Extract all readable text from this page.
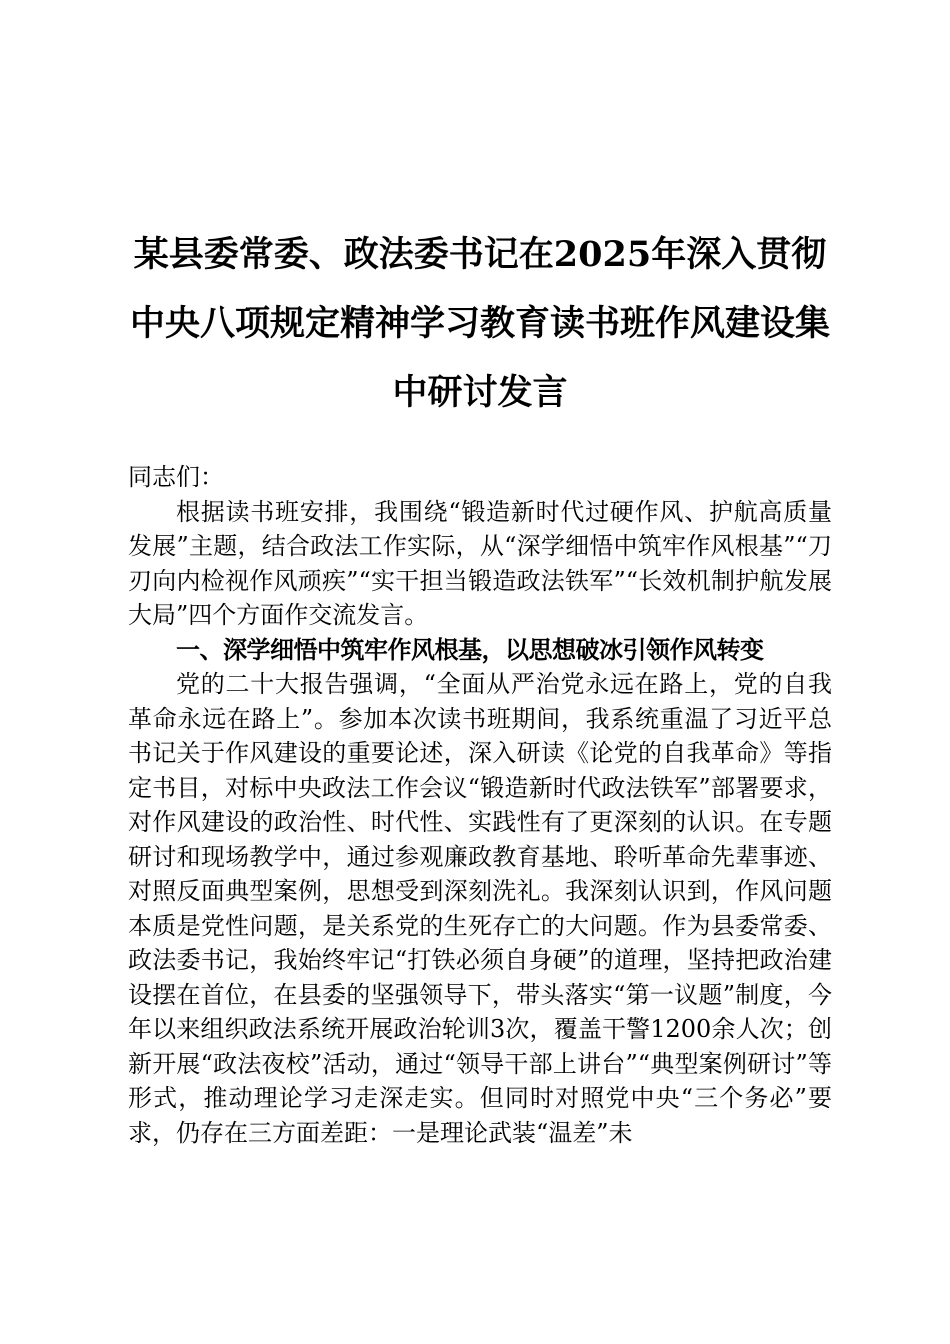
某县委常委、政法委书记在2025年深入贯彻
中央八项规定精神学习教育读书班作风建设集
中研讨发言

同志们：

根据读书班安排，我围绕“锻造新时代过硬作风、护航高质量发展”主题，结合政法工作实际，从“深学细悟中筑牢作风根基”“刀刃向内检视作风顽疾”“实干担当锻造政法铁军”“长效机制护航发展大局”四个方面作交流发言。

一、深学细悟中筑牢作风根基，以思想破冰引领作风转变

党的二十大报告强调，“全面从严治党永远在路上，党的自我革命永远在路上”。参加本次读书班期间，我系统重温了习近平总书记关于作风建设的重要论述，深入研读《论党的自我革命》等指定书目，对标中央政法工作会议“锻造新时代政法铁军”部署要求，对作风建设的政治性、时代性、实践性有了更深刻的认识。在专题研讨和现场教学中，通过参观廉政教育基地、聆听革命先辈事迹、对照反面典型案例，思想受到深刻洗礼。我深刻认识到，作风问题本质是党性问题，是关系党的生死存亡的大问题。作为县委常委、政法委书记，我始终牢记“打铁必须自身硬”的道理，坚持把政治建设摆在首位，在县委的坚强领导下，带头落实“第一议题”制度，今年以来组织政法系统开展政治轮训3次，覆盖干警1200余人次；创新开展“政法夜校”活动，通过“领导干部上讲台”“典型案例研讨”等形式，推动理论学习走深走实。但同时对照党中央“三个务必”要求，仍存在三方面差距：一是理论武装“温差”未
